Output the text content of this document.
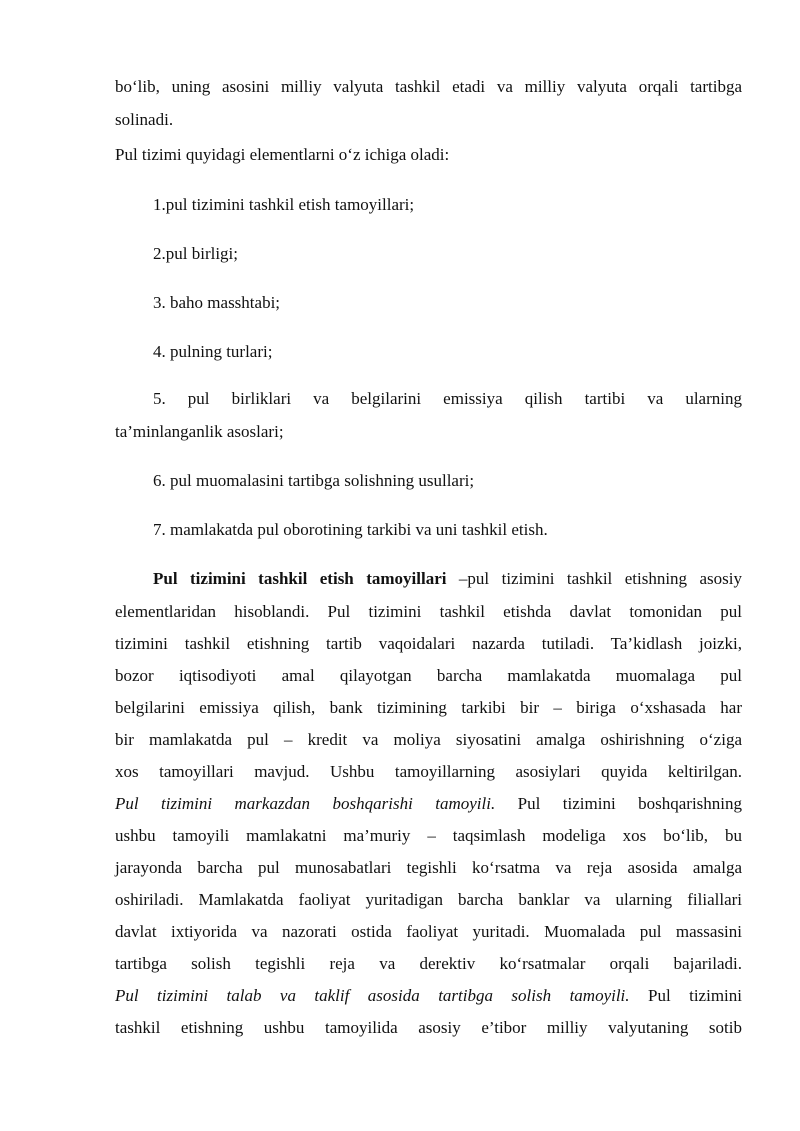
bo‘lib, uning asosini milliy valyuta tashkil etadi va milliy valyuta orqali tartibga
solinadi.
Pul tizimi quyidagi elementlarni o‘z ichiga oladi:
1.pul tizimini tashkil etish tamoyillari;
2.pul birligi;
3. baho masshtabi;
4. pulning turlari;
5. pul birliklari va belgilarini emissiya qilish tartibi va ularning
ta’minlanganlik asoslari;
6. pul muomalasini tartibga solishning usullari;
7. mamlakatda pul oborotining tarkibi va uni tashkil etish.
Pul tizimini tashkil etish tamoyillari –pul tizimini tashkil etishning asosiy
elementlaridan hisoblandi. Pul tizimini tashkil etishda davlat tomonidan pul
tizimini tashkil etishning tartib vaqoidalari nazarda tutiladi. Ta’kidlash joizki,
bozor iqtisodiyoti amal qilayotgan barcha mamlakatda muomalaga pul
belgilarini emissiya qilish, bank tizimining tarkibi bir – biriga o‘xshasada har
bir mamlakatda pul – kredit va moliya siyosatini amalga oshirishning o‘ziga
xos tamoyillari mavjud. Ushbu tamoyillarning asosiylari quyida keltirilgan.
Pul tizimini markazdan boshqarishi tamoyili. Pul tizimini boshqarishning
ushbu tamoyili mamlakatni ma’muriy – taqsimlash modeliga xos bo‘lib, bu
jarayonda barcha pul munosabatlari tegishli ko‘rsatma va reja asosida amalga
oshiriladi. Mamlakatda faoliyat yuritadigan barcha banklar va ularning filiallari
davlat ixtiyorida va nazorati ostida faoliyat yuritadi. Muomalada pul massasini
tartibga solish tegishli reja va derektiv ko‘rsatmalar orqali bajariladi.
Pul tizimini talab va taklif asosida tartibga solish tamoyili. Pul tizimini
tashkil etishning ushbu tamoyilida asosiy e’tibor milliy valyutaning sotib
